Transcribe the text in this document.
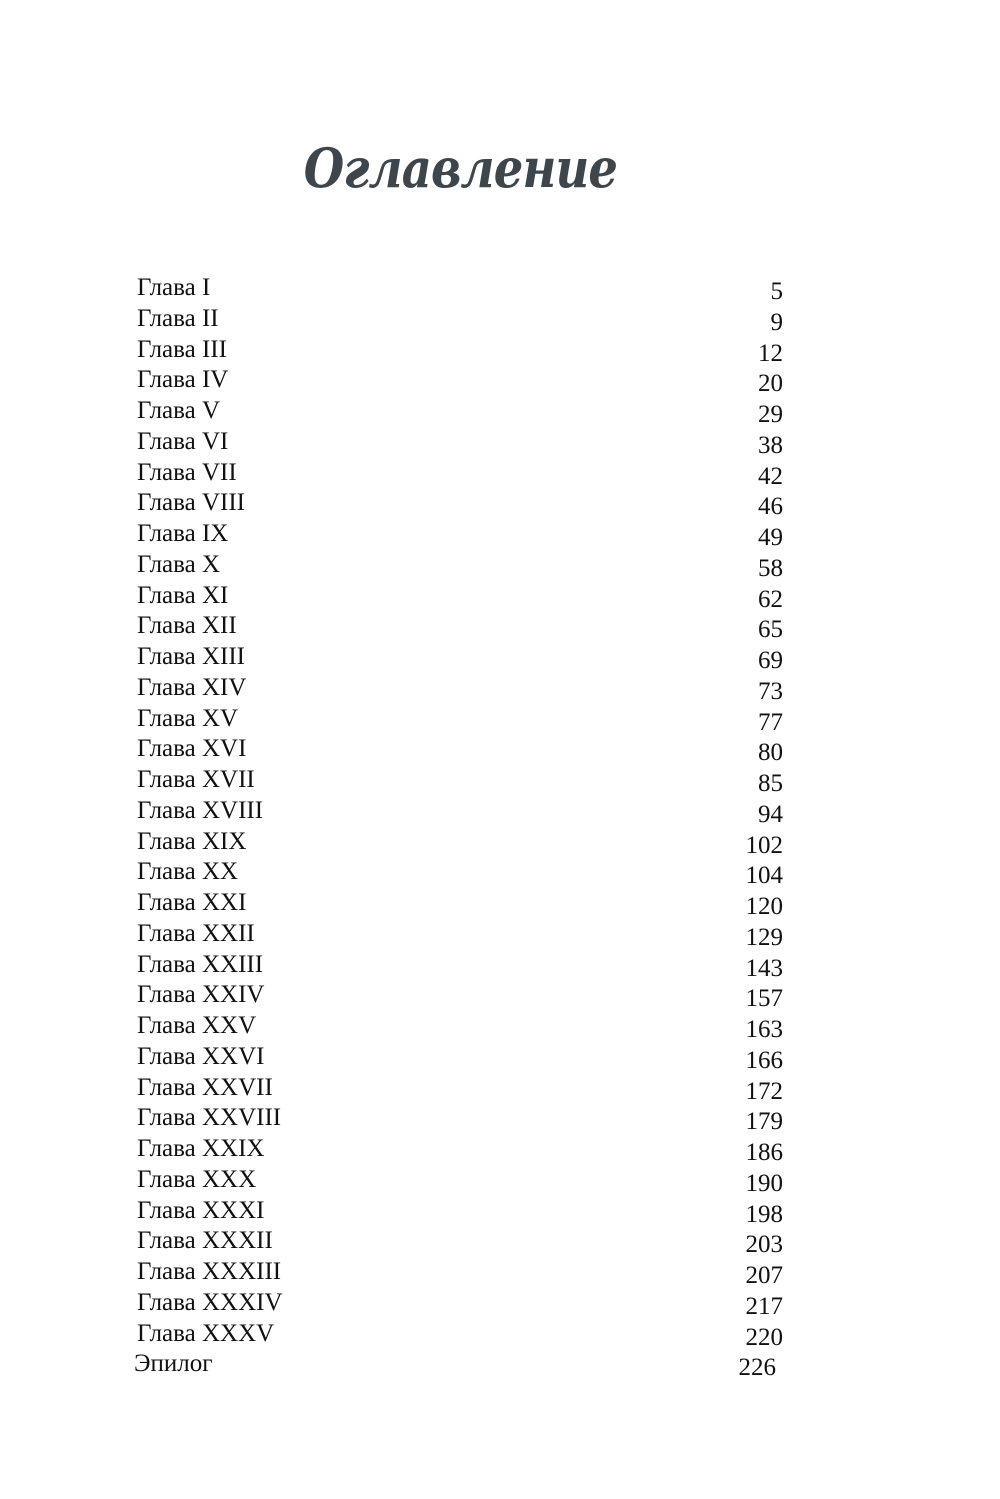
Оглавление
Глава I	5
Глава II	9
Глава III	12
Глава IV	20
Глава V	29
Глава VI	38
Глава VII	42
Глава VIII	46
Глава IX	49
Глава X	58
Глава XI	62
Глава XII	65
Глава XIII	69
Глава XIV	73
Глава XV	77
Глава XVI	80
Глава XVII	85
Глава XVIII	94
Глава XIX	102
Глава XX	104
Глава XXI	120
Глава XXII	129
Глава XXIII	143
Глава XXIV	157
Глава XXV	163
Глава XXVI	166
Глава XXVII	172
Глава XXVIII	179
Глава XXIX	186
Глава XXX	190
Глава XXXI	198
Глава XXXII	203
Глава XXXIII	207
Глава XXXIV	217
Глава XXXV	220
Эпилог	226
